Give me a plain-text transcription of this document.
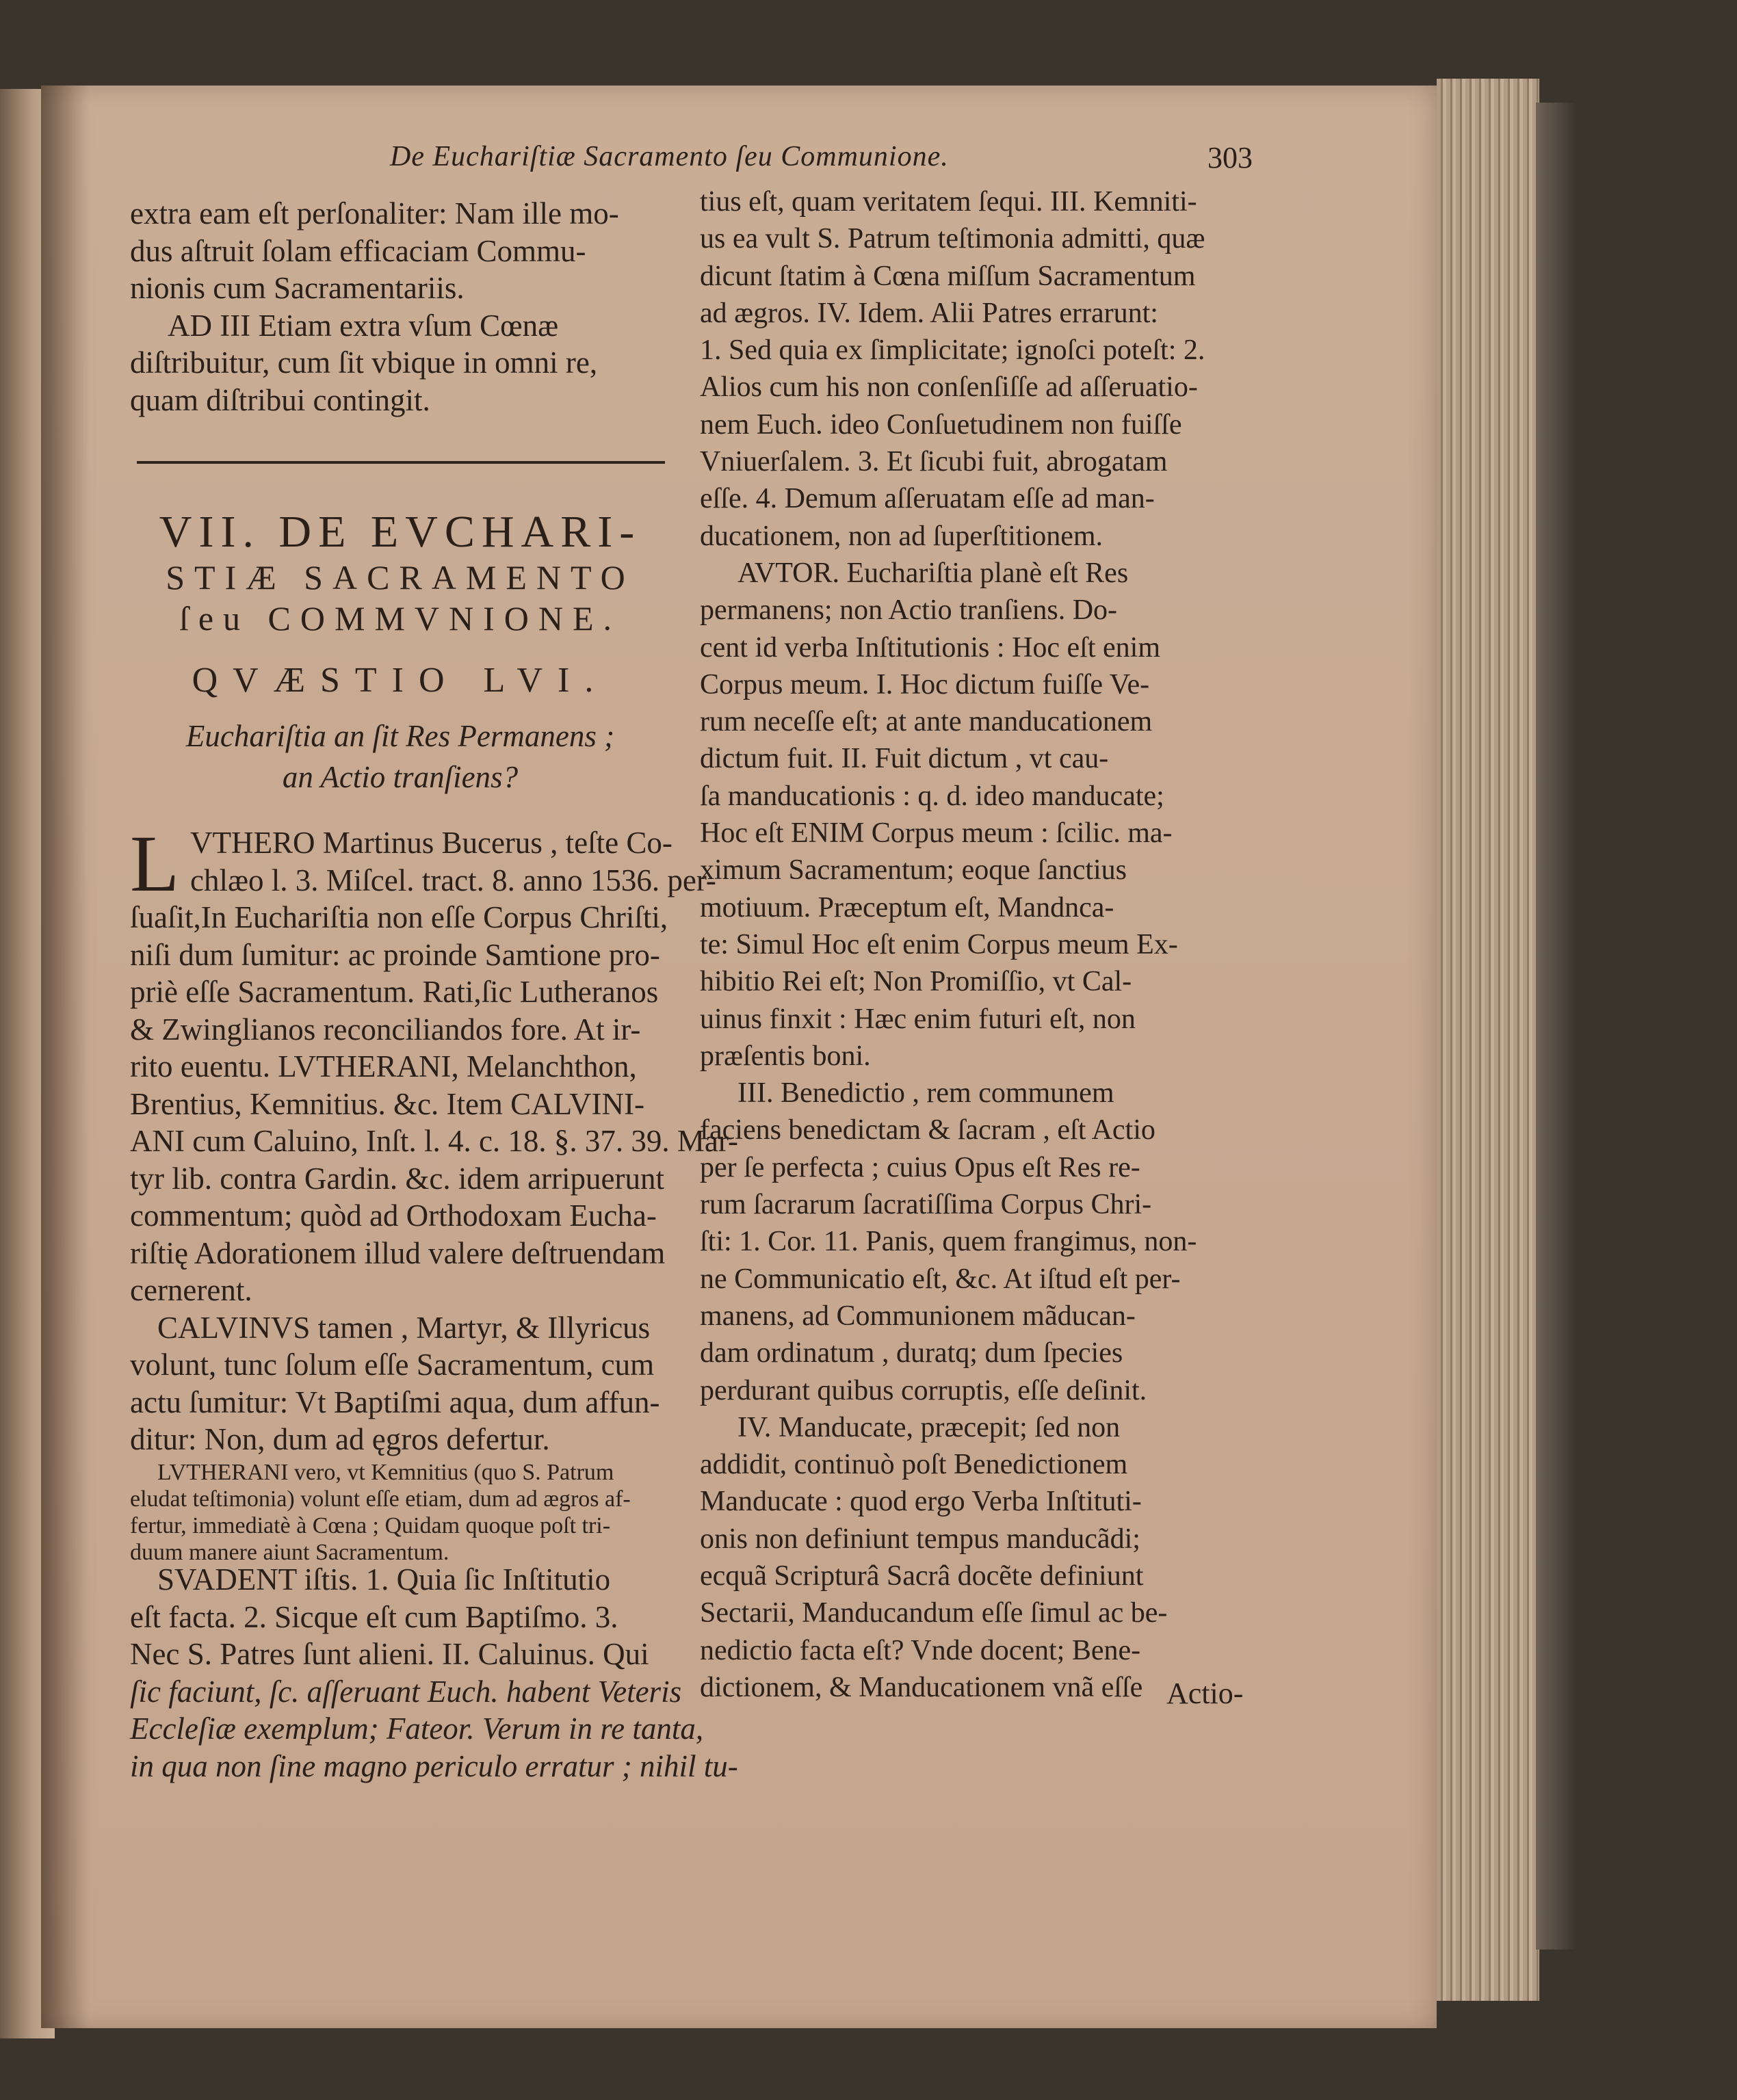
De Euchariſtiæ Sacramento ſeu Communione.	303

extra eam eſt perſonaliter: Nam ille mo-

dus aſtruit ſolam efficaciam Commu-

nionis cum Sacramentariis.

AD III Etiam extra vſum Cœnæ

diſtribuitur, cum ſit vbique in omni re,

quam diſtribui contingit.

VII. DE EVCHARI-
STIÆ SACRAMENTO
ſeu COMMVNIONE.
QVÆSTIO LVI.
Euchariſtia an ſit Res Permanens ;
an Actio tranſiens?
L VTHERO Martinus Bucerus , teſte Co-

chlæo l. 3. Miſcel. tract. 8. anno 1536. per-

ſuaſit,In Euchariſtia non eſſe Corpus Chriſti,

niſi dum ſumitur: ac proinde Samtione pro-

priè eſſe Sacramentum. Rati,ſic Lutheranos

& Zwinglianos reconciliandos fore. At ir-

rito euentu. LVTHERANI, Melanchthon,

Brentius, Kemnitius. &c. Item CALVINI-

ANI cum Caluino, Inſt. l. 4. c. 18. §. 37. 39. Mar-

tyr lib. contra Gardin. &c. idem arripuerunt

commentum; quòd ad Orthodoxam Eucha-

riſtię Adorationem illud valere deſtruendam

cernerent.

CALVINVS tamen , Martyr, & Illyricus

volunt, tunc ſolum eſſe Sacramentum, cum

actu ſumitur: Vt Baptiſmi aqua, dum affun-

ditur: Non, dum ad ęgros defertur.

LVTHERANI vero, vt Kemnitius (quo S. Patrum

eludat teſtimonia) volunt eſſe etiam, dum ad ægros af-

fertur, immediatè à Cœna ; Quidam quoque poſt tri-

duum manere aiunt Sacramentum.

SVADENT iſtis. 1. Quia ſic Inſtitutio

eſt facta. 2. Sicque eſt cum Baptiſmo. 3.

Nec S. Patres ſunt alieni. II. Caluinus. Qui

ſic faciunt, ſc. aſſeruant Euch. habent Veteris

Eccleſiæ exemplum; Fateor. Verum in re tanta,

in qua non ſine magno periculo erratur ; nihil tu-

tius eſt, quam veritatem ſequi. III. Kemniti-

us ea vult S. Patrum teſtimonia admitti, quæ

dicunt ſtatim à Cœna miſſum Sacramentum

ad ægros. IV. Idem. Alii Patres errarunt:

1. Sed quia ex ſimplicitate; ignoſci poteſt: 2.

Alios cum his non conſenſiſſe ad aſſeruatio-

nem Euch. ideo Conſuetudinem non fuiſſe

Vniuerſalem. 3. Et ſicubi fuit, abrogatam

eſſe. 4. Demum aſſeruatam eſſe ad man-

ducationem, non ad ſuperſtitionem.

AVTOR. Euchariſtia planè eſt Res

permanens; non Actio tranſiens. Do-

cent id verba Inſtitutionis : Hoc eſt enim

Corpus meum. I. Hoc dictum fuiſſe Ve-

rum neceſſe eſt; at ante manducationem

dictum fuit. II. Fuit dictum , vt cau-

ſa manducationis : q. d. ideo manducate;

Hoc eſt ENIM Corpus meum : ſcilic. ma-

ximum Sacramentum; eoque ſanctius

motiuum. Præceptum eſt, Mandnca-

te: Simul Hoc eſt enim Corpus meum Ex-

hibitio Rei eſt; Non Promiſſio, vt Cal-

uinus finxit : Hæc enim futuri eſt, non

præſentis boni.

III. Benedictio , rem communem

faciens benedictam & ſacram , eſt Actio

per ſe perfecta ; cuius Opus eſt Res re-

rum ſacrarum ſacratiſſima Corpus Chri-

ſti: 1. Cor. 11. Panis, quem frangimus, non-

ne Communicatio eſt, &c. At iſtud eſt per-

manens, ad Communionem mãducan-

dam ordinatum , duratq; dum ſpecies

perdurant quibus corruptis, eſſe deſinit.

IV. Manducate, præcepit; ſed non

addidit, continuò poſt Benedictionem

Manducate : quod ergo Verba Inſtituti-

onis non definiunt tempus manducãdi;

ecquã Scripturâ Sacrâ docẽte definiunt

Sectarii, Manducandum eſſe ſimul ac be-

nedictio facta eſt? Vnde docent; Bene-

dictionem, & Manducationem vnã eſſe Actio-
